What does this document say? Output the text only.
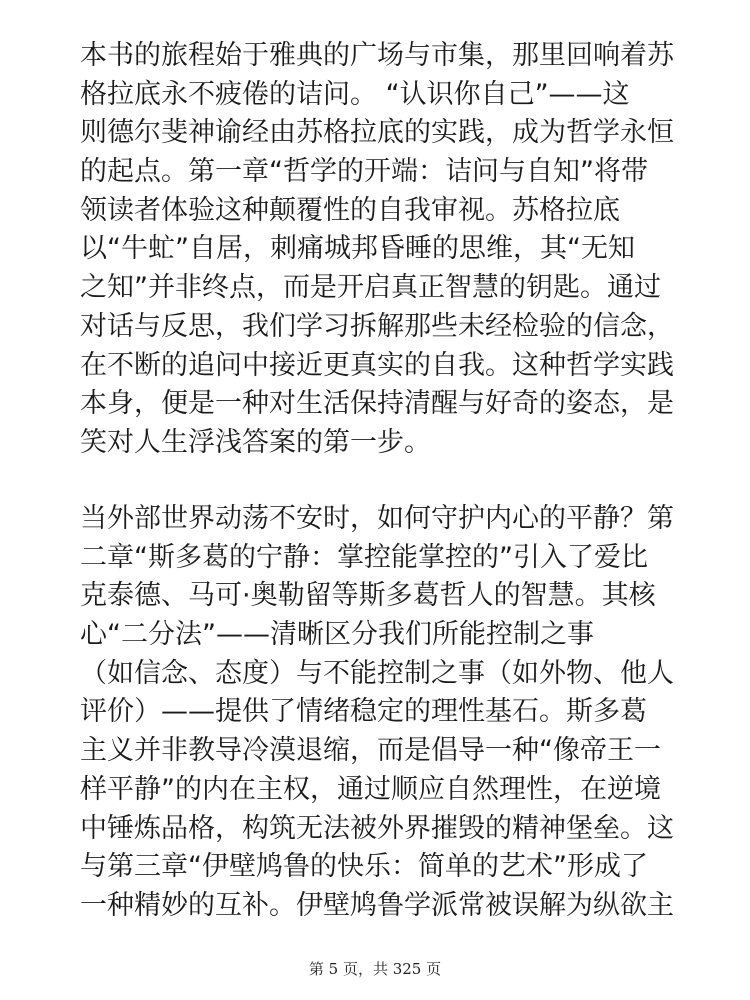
本书的旅程始于雅典的广场与市集，那里回响着苏
格拉底永不疲倦的诘问。 “认识你自己”——这
则德尔斐神谕经由苏格拉底的实践，成为哲学永恒
的起点。第一章“哲学的开端：诘问与自知”将带
领读者体验这种颠覆性的自我审视。苏格拉底
以“牛虻”自居，刺痛城邦昏睡的思维，其“无知
之知”并非终点，而是开启真正智慧的钥匙。通过
对话与反思，我们学习拆解那些未经检验的信念，
在不断的追问中接近更真实的自我。这种哲学实践
本身，便是一种对生活保持清醒与好奇的姿态，是
笑对人生浮浅答案的第一步。
当外部世界动荡不安时，如何守护内心的平静？第
二章“斯多葛的宁静：掌控能掌控的”引入了爱比
克泰德、马可·奥勒留等斯多葛哲人的智慧。其核
心“二分法”——清晰区分我们所能控制之事
（如信念、态度）与不能控制之事（如外物、他人
评价）——提供了情绪稳定的理性基石。斯多葛
主义并非教导冷漠退缩，而是倡导一种“像帝王一
样平静”的内在主权，通过顺应自然理性，在逆境
中锤炼品格，构筑无法被外界摧毁的精神堡垒。这
与第三章“伊壁鸠鲁的快乐：简单的艺术”形成了
一种精妙的互补。伊壁鸠鲁学派常被误解为纵欲主
第 5 页，共 325 页
